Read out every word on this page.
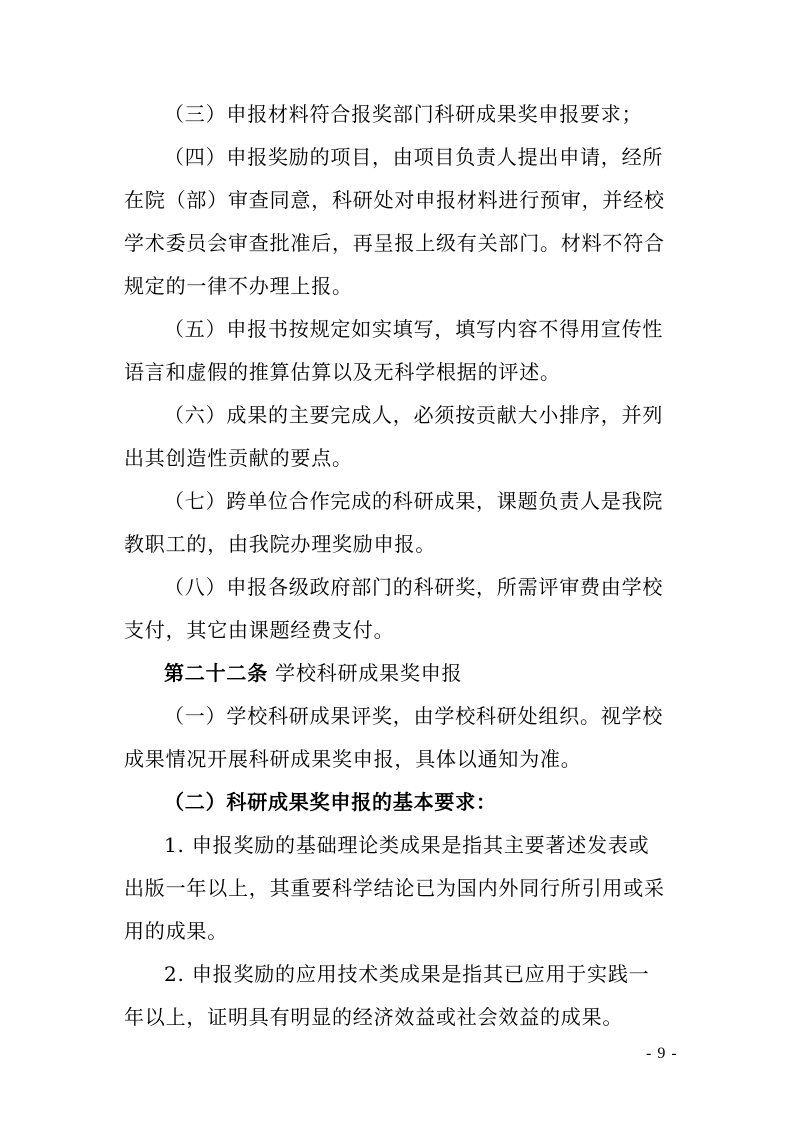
- 9 -
（三）申报材料符合报奖部门科研成果奖申报要求；
（四）申报奖励的项目，由项目负责人提出申请，经所
在院（部）审查同意，科研处对申报材料进行预审，并经校
学术委员会审查批准后，再呈报上级有关部门。材料不符合
规定的一律不办理上报。
（五）申报书按规定如实填写，填写内容不得用宣传性
语言和虚假的推算估算以及无科学根据的评述。
（六）成果的主要完成人，必须按贡献大小排序，并列
出其创造性贡献的要点。
（七）跨单位合作完成的科研成果，课题负责人是我院
教职工的，由我院办理奖励申报。
（八）申报各级政府部门的科研奖，所需评审费由学校
支付，其它由课题经费支付。
第二十二条 学校科研成果奖申报
（一）学校科研成果评奖，由学校科研处组织。视学校
成果情况开展科研成果奖申报，具体以通知为准。
（二）科研成果奖申报的基本要求：
1. 申报奖励的基础理论类成果是指其主要著述发表或
出版一年以上，其重要科学结论已为国内外同行所引用或采
用的成果。
2. 申报奖励的应用技术类成果是指其已应用于实践一
年以上，证明具有明显的经济效益或社会效益的成果。
